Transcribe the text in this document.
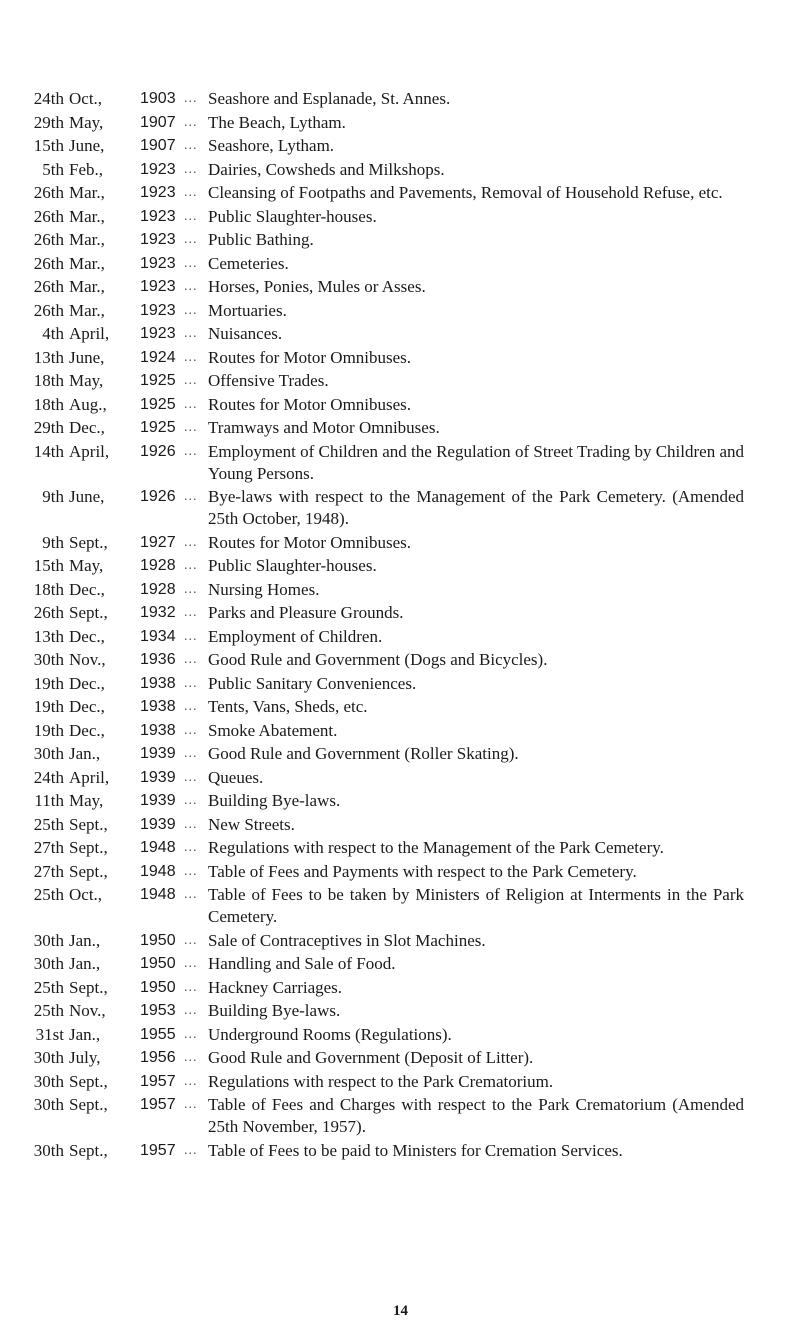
24th Oct.,	1903 ... Seashore and Esplanade, St. Annes.
29th May,	1907 ... The Beach, Lytham.
15th June,	1907 ... Seashore, Lytham.
5th Feb.,	1923 ... Dairies, Cowsheds and Milkshops.
26th Mar.,	1923 ... Cleansing of Footpaths and Pavements, Removal of Household Refuse, etc.
26th Mar.,	1923 ... Public Slaughter-houses.
26th Mar.,	1923 ... Public Bathing.
26th Mar.,	1923 ... Cemeteries.
26th Mar.,	1923 ... Horses, Ponies, Mules or Asses.
26th Mar.,	1923 ... Mortuaries.
4th April,	1923 ... Nuisances.
13th June,	1924 ... Routes for Motor Omnibuses.
18th May,	1925 ... Offensive Trades.
18th Aug.,	1925 ... Routes for Motor Omnibuses.
29th Dec.,	1925 ... Tramways and Motor Omnibuses.
14th April,	1926 ... Employment of Children and the Regulation of Street Trading by Children and Young Persons.
9th June,	1926 ... Bye-laws with respect to the Management of the Park Cemetery. (Amended 25th October, 1948).
9th Sept.,	1927 ... Routes for Motor Omnibuses.
15th May,	1928 ... Public Slaughter-houses.
18th Dec.,	1928 ... Nursing Homes.
26th Sept.,	1932 ... Parks and Pleasure Grounds.
13th Dec.,	1934 ... Employment of Children.
30th Nov.,	1936 ... Good Rule and Government (Dogs and Bicycles).
19th Dec.,	1938 ... Public Sanitary Conveniences.
19th Dec.,	1938 ... Tents, Vans, Sheds, etc.
19th Dec.,	1938 ... Smoke Abatement.
30th Jan.,	1939 ... Good Rule and Government (Roller Skating).
24th April,	1939 ... Queues.
11th May,	1939 ... Building Bye-laws.
25th Sept.,	1939 ... New Streets.
27th Sept.,	1948 ... Regulations with respect to the Management of the Park Cemetery.
27th Sept.,	1948 ... Table of Fees and Payments with respect to the Park Cemetery.
25th Oct.,	1948 ... Table of Fees to be taken by Ministers of Religion at Interments in the Park Cemetery.
30th Jan.,	1950 ... Sale of Contraceptives in Slot Machines.
30th Jan.,	1950 ... Handling and Sale of Food.
25th Sept.,	1950 ... Hackney Carriages.
25th Nov.,	1953 ... Building Bye-laws.
31st Jan.,	1955 ... Underground Rooms (Regulations).
30th July,	1956 ... Good Rule and Government (Deposit of Litter).
30th Sept.,	1957 ... Regulations with respect to the Park Crematorium.
30th Sept.,	1957 ... Table of Fees and Charges with respect to the Park Crematorium (Amended 25th November, 1957).
30th Sept.,	1957 ... Table of Fees to be paid to Ministers for Cremation Services.
14
